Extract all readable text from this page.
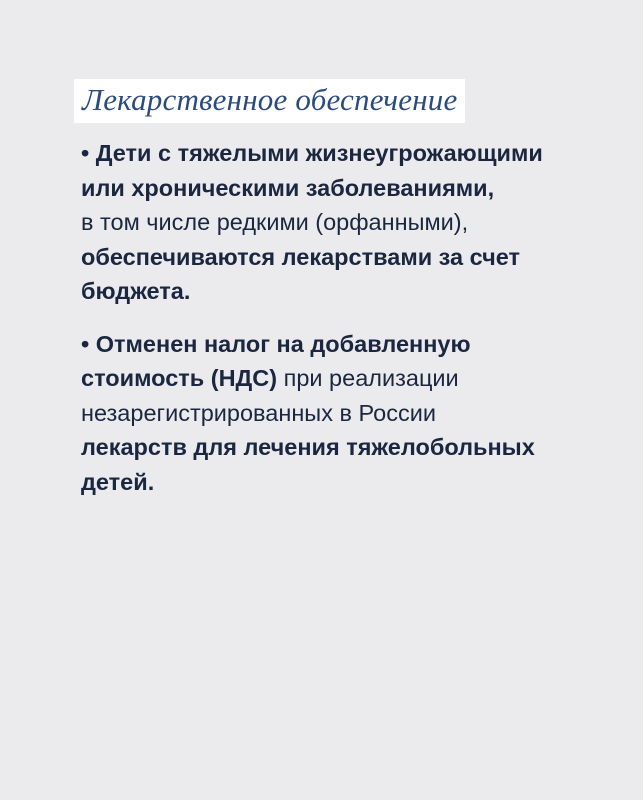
Лекарственное обеспечение
• Дети с тяжелыми жизнеугрожающими
или хроническими заболеваниями,
в том числе редкими (орфанными),
обеспечиваются лекарствами за счет
бюджета.
• Отменен налог на добавленную
стоимость (НДС) при реализации
незарегистрированных в России
лекарств для лечения тяжелобольных
детей.
